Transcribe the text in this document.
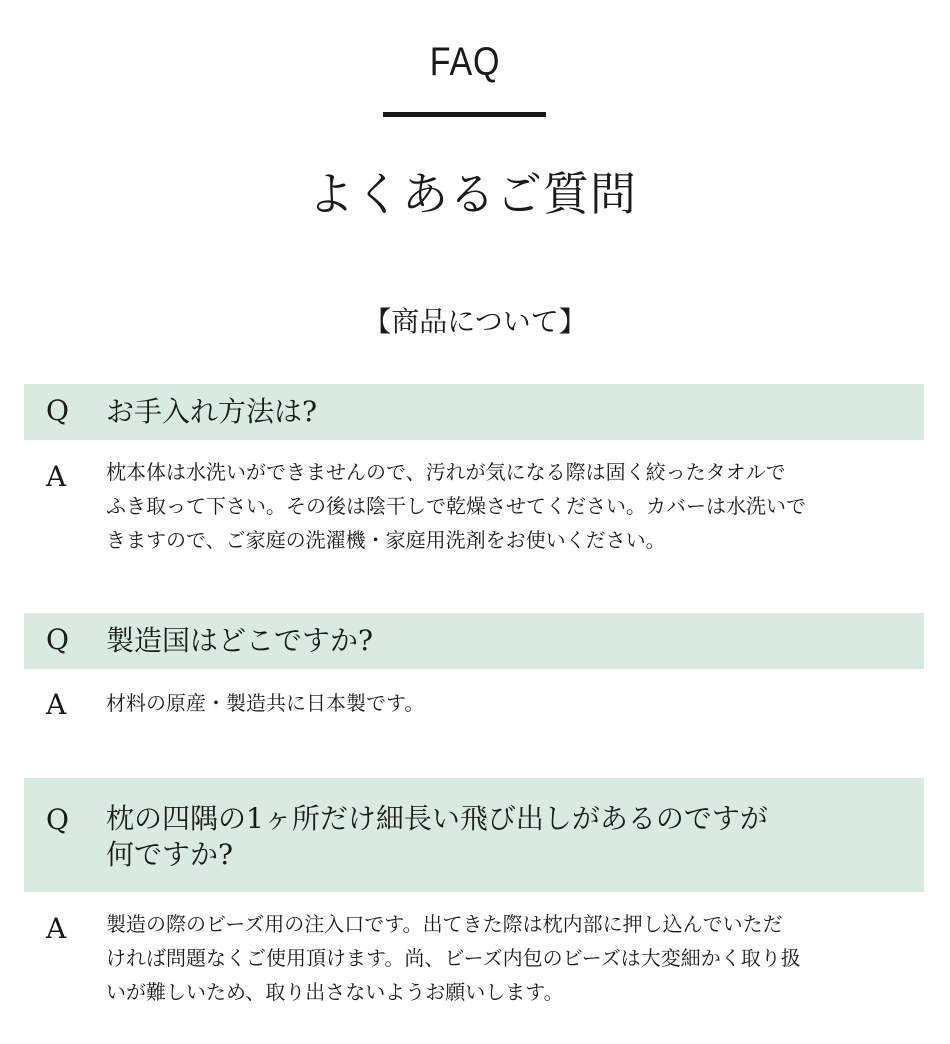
FAQ
よくあるご質問
【商品について】
Q お手入れ方法は?
A 枕本体は水洗いができませんので、汚れが気になる際は固く絞ったタオルで
ふき取って下さい。その後は陰干しで乾燥させてください。カバーは水洗いで
きますので、ご家庭の洗濯機・家庭用洗剤をお使いください。
Q 製造国はどこですか?
A 材料の原産・製造共に日本製です。
Q 枕の四隅の1ヶ所だけ細長い飛び出しがあるのですが
何ですか?
A 製造の際のビーズ用の注入口です。出てきた際は枕内部に押し込んでいただ
ければ問題なくご使用頂けます。尚、ビーズ内包のビーズは大変細かく取り扱
いが難しいため、取り出さないようお願いします。
